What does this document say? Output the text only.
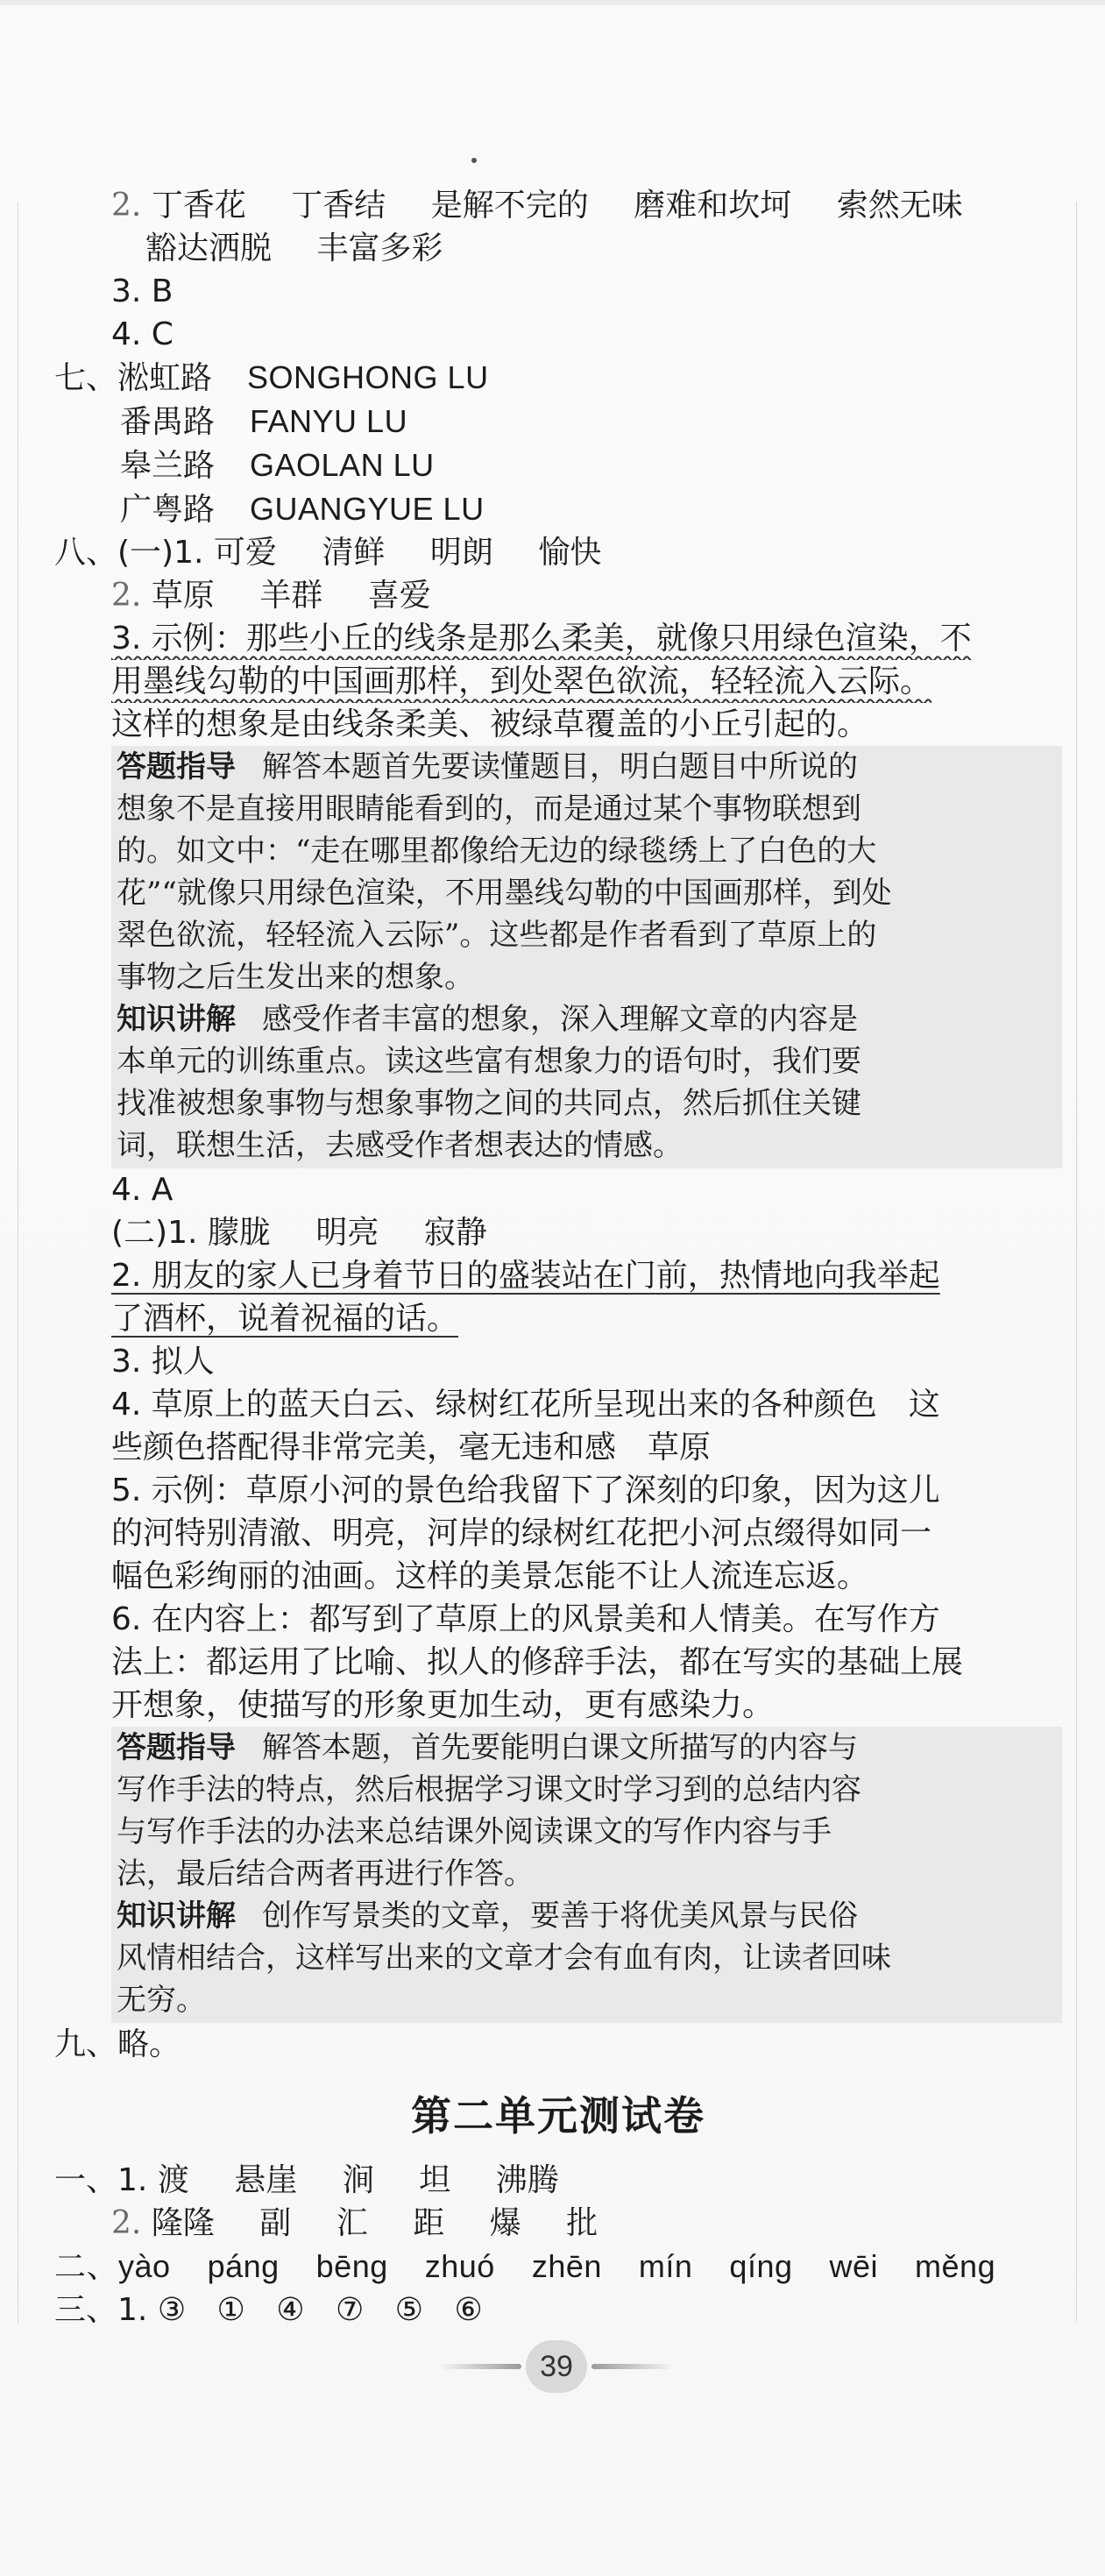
2. 丁香花 丁香结 是解不完的 磨难和坎坷 索然无味
豁达洒脱 丰富多彩
3. B
4. C
七、淞虹路 SONGHONG LU
番禺路 FANYU LU
皋兰路 GAOLAN LU
广粤路 GUANGYUE LU
八、(一)1. 可爱 清鲜 明朗 愉快
2. 草原 羊群 喜爱
3. 示例：那些小丘的线条是那么柔美，就像只用绿色渲染，不
用墨线勾勒的中国画那样，到处翠色欲流，轻轻流入云际。
这样的想象是由线条柔美、被绿草覆盖的小丘引起的。
答题指导 解答本题首先要读懂题目，明白题目中所说的
想象不是直接用眼睛能看到的，而是通过某个事物联想到
的。如文中：“走在哪里都像给无边的绿毯绣上了白色的大
花”“就像只用绿色渲染，不用墨线勾勒的中国画那样，到处
翠色欲流，轻轻流入云际”。这些都是作者看到了草原上的
事物之后生发出来的想象。
知识讲解 感受作者丰富的想象，深入理解文章的内容是
本单元的训练重点。读这些富有想象力的语句时，我们要
找准被想象事物与想象事物之间的共同点，然后抓住关键
词，联想生活，去感受作者想表达的情感。
4. A
(二)1. 朦胧 明亮 寂静
2. 朋友的家人已身着节日的盛装站在门前，热情地向我举起
了酒杯，说着祝福的话。
3. 拟人
4. 草原上的蓝天白云、绿树红花所呈现出来的各种颜色　这
些颜色搭配得非常完美，毫无违和感　草原
5. 示例：草原小河的景色给我留下了深刻的印象，因为这儿
的河特别清澈、明亮，河岸的绿树红花把小河点缀得如同一
幅色彩绚丽的油画。这样的美景怎能不让人流连忘返。
6. 在内容上：都写到了草原上的风景美和人情美。在写作方
法上：都运用了比喻、拟人的修辞手法，都在写实的基础上展
开想象，使描写的形象更加生动，更有感染力。
答题指导 解答本题，首先要能明白课文所描写的内容与
写作手法的特点，然后根据学习课文时学习到的总结内容
与写作手法的办法来总结课外阅读课文的写作内容与手
法，最后结合两者再进行作答。
知识讲解 创作写景类的文章，要善于将优美风景与民俗
风情相结合，这样写出来的文章才会有血有肉，让读者回味
无穷。
九、略。
第二单元测试卷
一、1. 渡 悬崖 涧 坦 沸腾
2. 隆隆 副 汇 距 爆 批
二、yào páng bēng zhuó zhēn mín qíng wēi měng
三、1. ③ ① ④ ⑦ ⑤ ⑥
39
